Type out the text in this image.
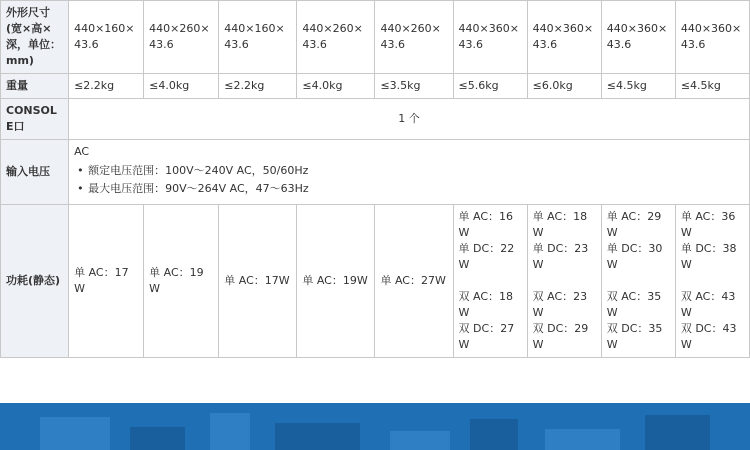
外形尺寸(宽×高×深，单位：mm)	440×160×43.6	440×260×43.6	440×160×43.6	440×260×43.6	440×260×43.6	440×360×43.6	440×360×43.6	440×360×43.6	440×360×43.6
重量	≤2.2kg	≤4.0kg	≤2.2kg	≤4.0kg	≤3.5kg	≤5.6kg	≤6.0kg	≤4.5kg	≤4.5kg
CONSOLE口	1 个								
输入电压	
AC
• 额定电压范围：100V～240V AC，50/60Hz
• 最大电压范围：90V～264V AC，47～63Hz

功耗(静态)	单 AC：17W	单 AC：19W	单 AC：17W	单 AC：19W	单 AC：27W	单 AC：16W
单 DC：22W

双 AC：18W
双 DC：27W	单 AC：18W
单 DC：23W

双 AC：23W
双 DC：29W	单 AC：29W
单 DC：30W

双 AC：35W
双 DC：35W	单 AC：36W
单 DC：38W

双 AC：43W
双 DC：43W
